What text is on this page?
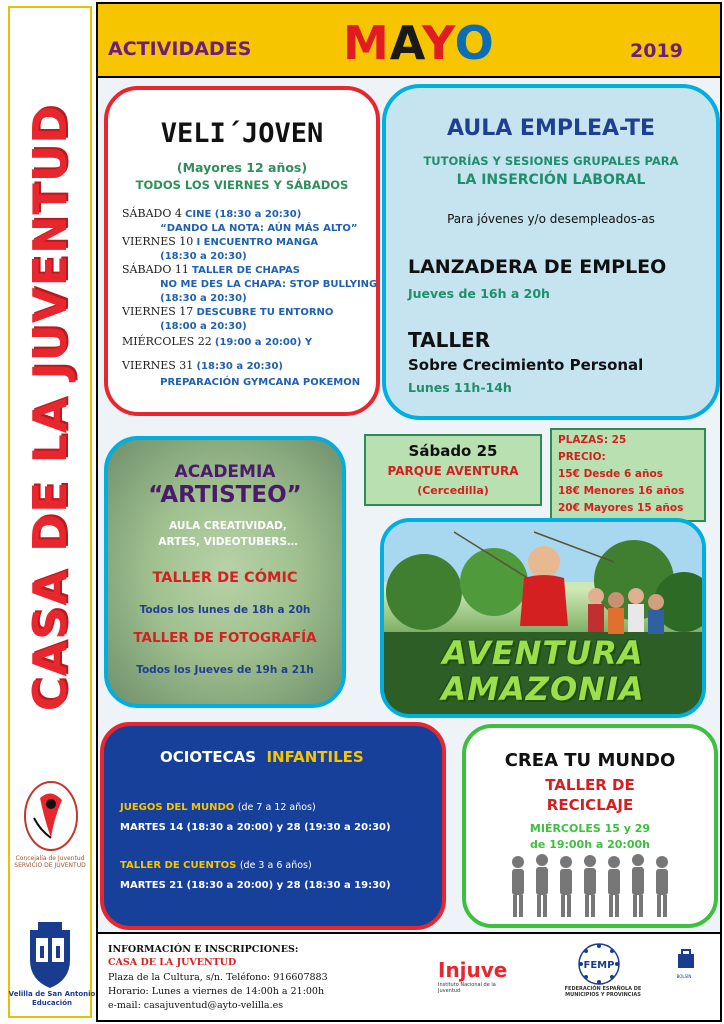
CASA DE LA JUVENTUD
Concejalía de Juventud SERVICIO DE JUVENTUD
Velilla de San Antonio
Educación
ACTIVIDADES MAYO	2019
VELI´JOVEN
(Mayores 12 años)
TODOS LOS VIERNES Y SÁBADOS
SÁBADO 4 CINE (18:30 a 20:30)
“DANDO LA NOTA: AÚN MÁS ALTO”
VIERNES 10 I ENCUENTRO MANGA
(18:30 a 20:30)
SÁBADO 11 TALLER DE CHAPAS
NO ME DES LA CHAPA: STOP BULLYING
(18:30 a 20:30)
VIERNES 17 DESCUBRE TU ENTORNO
(18:00 a 20:30)
MIÉRCOLES 22 (19:00 a 20:00) Y
VIERNES 31 (18:30 a 20:30)
PREPARACIÓN GYMCANA POKEMON
AULA EMPLEA-TE
TUTORÍAS Y SESIONES GRUPALES PARA
LA INSERCIÓN LABORAL
Para jóvenes y/o desempleados-as
LANZADERA DE EMPLEO
Jueves de 16h a 20h
TALLER
Sobre Crecimiento Personal
Lunes 11h-14h
ACADEMIA
“ARTISTEO”
AULA CREATIVIDAD,
ARTES, VIDEOTUBERS…
TALLER DE CÓMIC
Todos los lunes de 18h a 20h
TALLER DE FOTOGRAFÍA
Todos los Jueves de 19h a 21h
Sábado 25
PARQUE AVENTURA
(Cercedilla)
PLAZAS: 25
PRECIO:
15€ Desde 6 años
18€ Menores 16 años
20€ Mayores 15 años
AVENTURA
AMAZONIA
OCIOTECAS INFANTILES
JUEGOS DEL MUNDO (de 7 a 12 años)
MARTES 14 (18:30 a 20:00) y 28 (19:30 a 20:30)
TALLER DE CUENTOS (de 3 a 6 años)
MARTES 21 (18:30 a 20:00) y 28 (18:30 a 19:30)
CREA TU MUNDO
TALLER DE
RECICLAJE
MIÉRCOLES 15 y 29
de 19:00h a 20:00h
INFORMACIÓN E INSCRIPCIONES:
CASA DE LA JUVENTUD
Plaza de la Cultura, s/n. Teléfono: 916607883
Horario: Lunes a viernes de 14:00h a 21:00h
e-mail: casajuventud@ayto-velilla.es
Injuve
Instituto Nacional de la Juventud
FEMP
FEDERACIÓN ESPAÑOLA DE MUNICIPIOS Y PROVINCIAS
BOLSÍN
